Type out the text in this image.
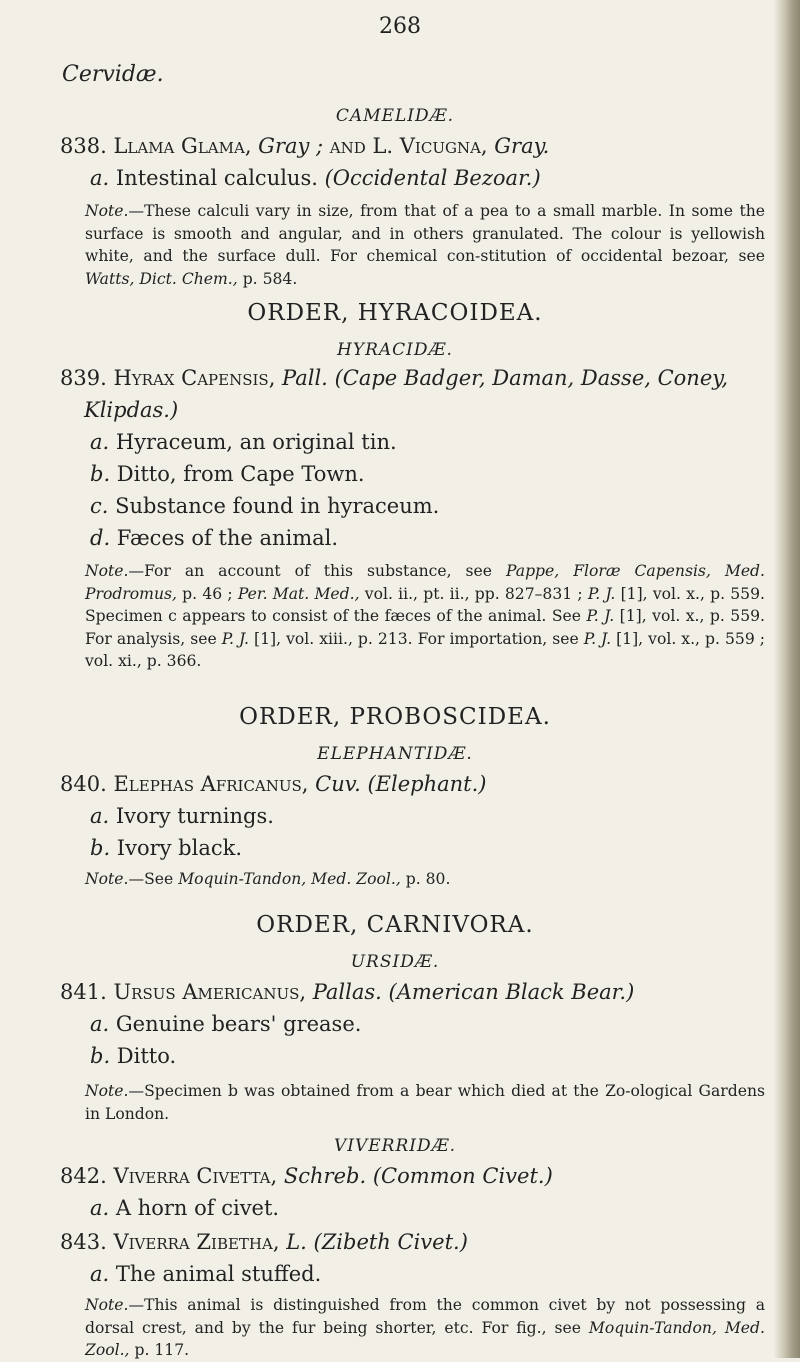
268
Cervidæ.
CAMELIDÆ.
838. Llama Glama, Gray ; and L. Vicugna, Gray.
a. Intestinal calculus. (Occidental Bezoar.)
Note.—These calculi vary in size, from that of a pea to a small marble. In some the surface is smooth and angular, and in others granulated. The colour is yellowish white, and the surface dull. For chemical con-stitution of occidental bezoar, see Watts, Dict. Chem., p. 584.
ORDER, HYRACOIDEA.
HYRACIDÆ.
839. Hyrax Capensis, Pall. (Cape Badger, Daman, Dasse, Coney,
Klipdas.)
a. Hyraceum, an original tin.
b. Ditto, from Cape Town.
c. Substance found in hyraceum.
d. Fæces of the animal.
Note.—For an account of this substance, see Pappe, Floræ Capensis, Med. Prodromus, p. 46 ; Per. Mat. Med., vol. ii., pt. ii., pp. 827–831 ; P. J. [1], vol. x., p. 559. Specimen c appears to consist of the fæces of the animal. See P. J. [1], vol. x., p. 559. For analysis, see P. J. [1], vol. xiii., p. 213. For importation, see P. J. [1], vol. x., p. 559 ; vol. xi., p. 366.
ORDER, PROBOSCIDEA.
ELEPHANTIDÆ.
840. Elephas Africanus, Cuv. (Elephant.)
a. Ivory turnings.
b. Ivory black.
Note.—See Moquin-Tandon, Med. Zool., p. 80.
ORDER, CARNIVORA.
URSIDÆ.
841. Ursus Americanus, Pallas. (American Black Bear.)
a. Genuine bears' grease.
b. Ditto.
Note.—Specimen b was obtained from a bear which died at the Zo-ological Gardens in London.
VIVERRIDÆ.
842. Viverra Civetta, Schreb. (Common Civet.)
a. A horn of civet.
843. Viverra Zibetha, L. (Zibeth Civet.)
a. The animal stuffed.
Note.—This animal is distinguished from the common civet by not possessing a dorsal crest, and by the fur being shorter, etc. For fig., see Moquin-Tandon, Med. Zool., p. 117.
